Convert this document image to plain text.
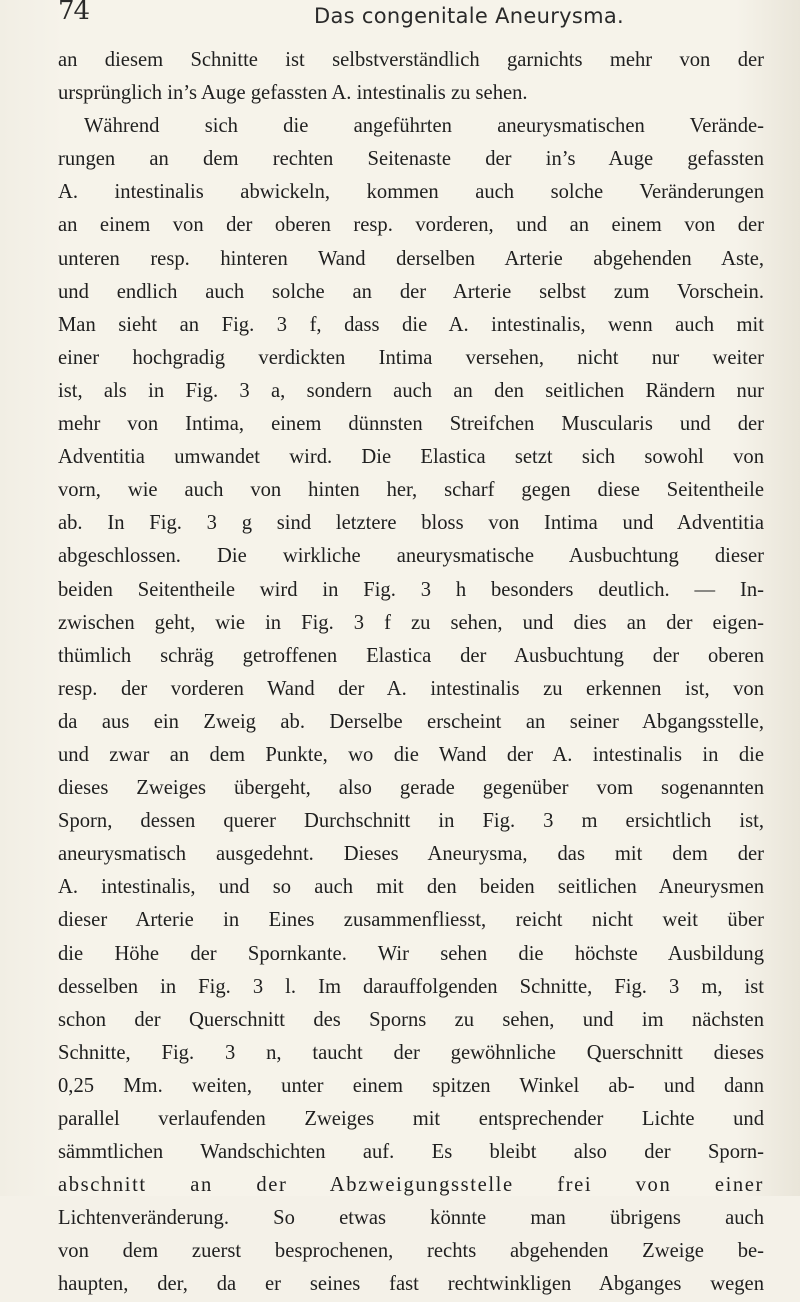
74	Das congenitale Aneurysma.
an diesem Schnitte ist selbstverständlich garnichts mehr von der
ursprünglich in’s Auge gefassten A. intestinalis zu sehen.
Während sich die angeführten aneurysmatischen Verände-
rungen an dem rechten Seitenaste der in’s Auge gefassten
A. intestinalis abwickeln, kommen auch solche Veränderungen
an einem von der oberen resp. vorderen, und an einem von der
unteren resp. hinteren Wand derselben Arterie abgehenden Aste,
und endlich auch solche an der Arterie selbst zum Vorschein.
Man sieht an Fig. 3 f, dass die A. intestinalis, wenn auch mit
einer hochgradig verdickten Intima versehen, nicht nur weiter
ist, als in Fig. 3 a, sondern auch an den seitlichen Rändern nur
mehr von Intima, einem dünnsten Streifchen Muscularis und der
Adventitia umwandet wird. Die Elastica setzt sich sowohl von
vorn, wie auch von hinten her, scharf gegen diese Seitentheile
ab. In Fig. 3 g sind letztere bloss von Intima und Adventitia
abgeschlossen. Die wirkliche aneurysmatische Ausbuchtung dieser
beiden Seitentheile wird in Fig. 3 h besonders deutlich. — In-
zwischen geht, wie in Fig. 3 f zu sehen, und dies an der eigen-
thümlich schräg getroffenen Elastica der Ausbuchtung der oberen
resp. der vorderen Wand der A. intestinalis zu erkennen ist, von
da aus ein Zweig ab. Derselbe erscheint an seiner Abgangsstelle,
und zwar an dem Punkte, wo die Wand der A. intestinalis in die
dieses Zweiges übergeht, also gerade gegenüber vom sogenannten
Sporn, dessen querer Durchschnitt in Fig. 3 m ersichtlich ist,
aneurysmatisch ausgedehnt. Dieses Aneurysma, das mit dem der
A. intestinalis, und so auch mit den beiden seitlichen Aneurysmen
dieser Arterie in Eines zusammenfliesst, reicht nicht weit über
die Höhe der Spornkante. Wir sehen die höchste Ausbildung
desselben in Fig. 3 l. Im darauffolgenden Schnitte, Fig. 3 m, ist
schon der Querschnitt des Sporns zu sehen, und im nächsten
Schnitte, Fig. 3 n, taucht der gewöhnliche Querschnitt dieses
0,25 Mm. weiten, unter einem spitzen Winkel ab- und dann
parallel verlaufenden Zweiges mit entsprechender Lichte und
sämmtlichen Wandschichten auf. Es bleibt also der Sporn-
abschnitt an der Abzweigungsstelle frei von einer
Lichtenveränderung. So etwas könnte man übrigens auch
von dem zuerst besprochenen, rechts abgehenden Zweige be-
haupten, der, da er seines fast rechtwinkligen Abganges wegen
